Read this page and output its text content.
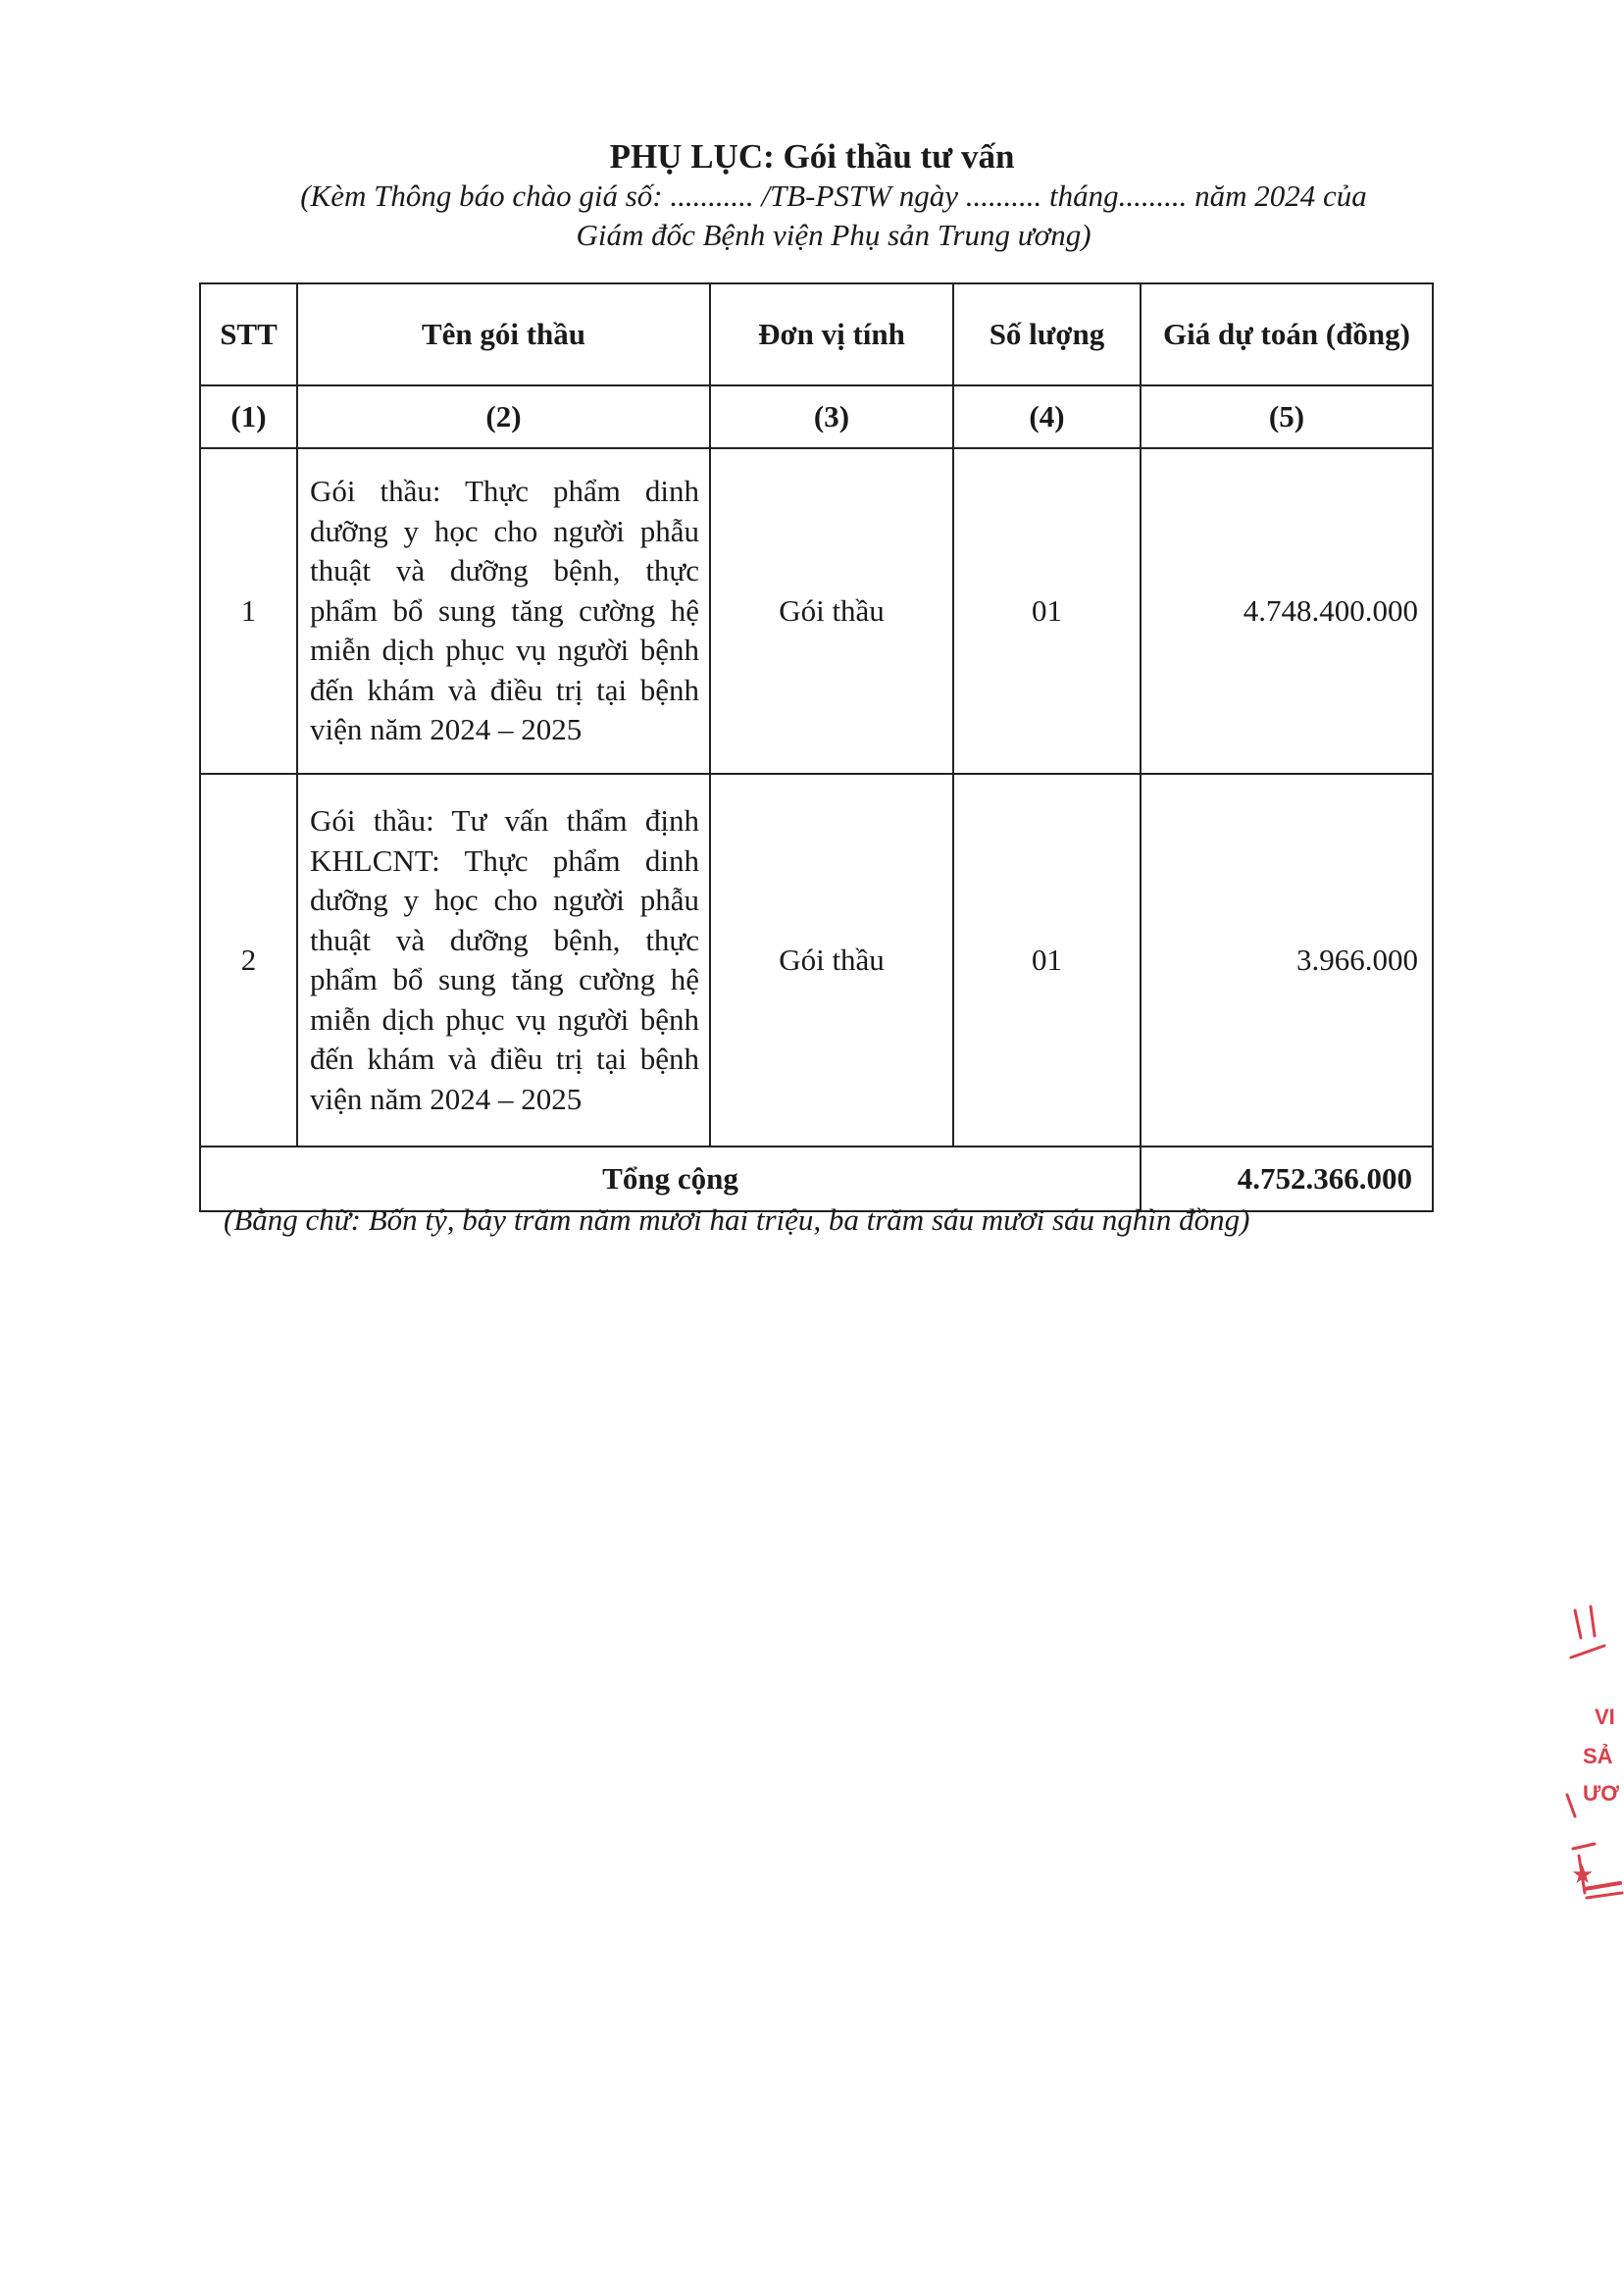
PHỤ LỤC: Gói thầu tư vấn
(Kèm Thông báo chào giá số: ........... /TB-PSTW ngày .......... tháng......... năm 2024 của
Giám đốc Bệnh viện Phụ sản Trung ương)
STT	Tên gói thầu	Đơn vị tính	Số lượng	Giá dự toán (đồng)
(1)	(2)	(3)	(4)	(5)
1	Gói thầu: Thực phẩm dinh dưỡng y học cho người phẫu thuật và dưỡng bệnh, thực phẩm bổ sung tăng cường hệ miễn dịch phục vụ người bệnh đến khám và điều trị tại bệnh viện năm 2024 – 2025	Gói thầu	01	4.748.400.000
2	Gói thầu: Tư vấn thẩm định KHLCNT: Thực phẩm dinh dưỡng y học cho người phẫu thuật và dưỡng bệnh, thực phẩm bổ sung tăng cường hệ miễn dịch phục vụ người bệnh đến khám và điều trị tại bệnh viện năm 2024 – 2025	Gói thầu	01	3.966.000
Tổng cộng				4.752.366.000
(Bằng chữ: Bốn tỷ, bảy trăm năm mươi hai triệu, ba trăm sáu mươi sáu nghìn đồng)
VI
SẢ
ƯƠ
★
